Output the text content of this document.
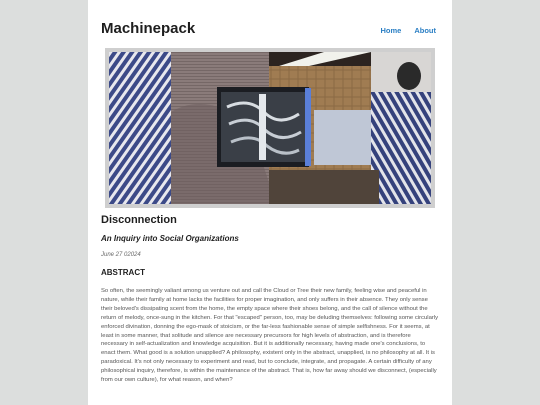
Machinepack	Home About
Disconnection
An Inquiry into Social Organizations
June 27 02024
ABSTRACT
So often, the seemingly valiant among us venture out and call the Cloud or Tree their new family, feeling wise and peaceful in nature, while their family at home lacks the facilities for proper imagination, and only suffers in their absence. They only sense their beloved's dissipating scent from the home, the empty space where their shoes belong, and the call of silence without the return of melody, once-sung in the kitchen. For that "escaped" person, too, may be deluding themselves: following some circularly enforced divination, donning the ego-mask of stoicism, or the far-less fashionable sense of simple selfishness. For it seems, at least in some manner, that solitude and silence are necessary precursors for high levels of abstraction, and is therefore necessary in self-actualization and knowledge acquisition. But it is additionally necessary, having made one's conclusions, to enact them. What good is a solution unapplied? A philosophy, existent only in the abstract, unapplied, is no philosophy at all. It is paradoxical. It's not only necessary to experiment and read, but to conclude, integrate, and propagate. A certain difficulty of any philosophical inquiry, therefore, is within the maintenance of the abstract. That is, how far away should we disconnect, (especially from our own culture), for what reason, and when?
